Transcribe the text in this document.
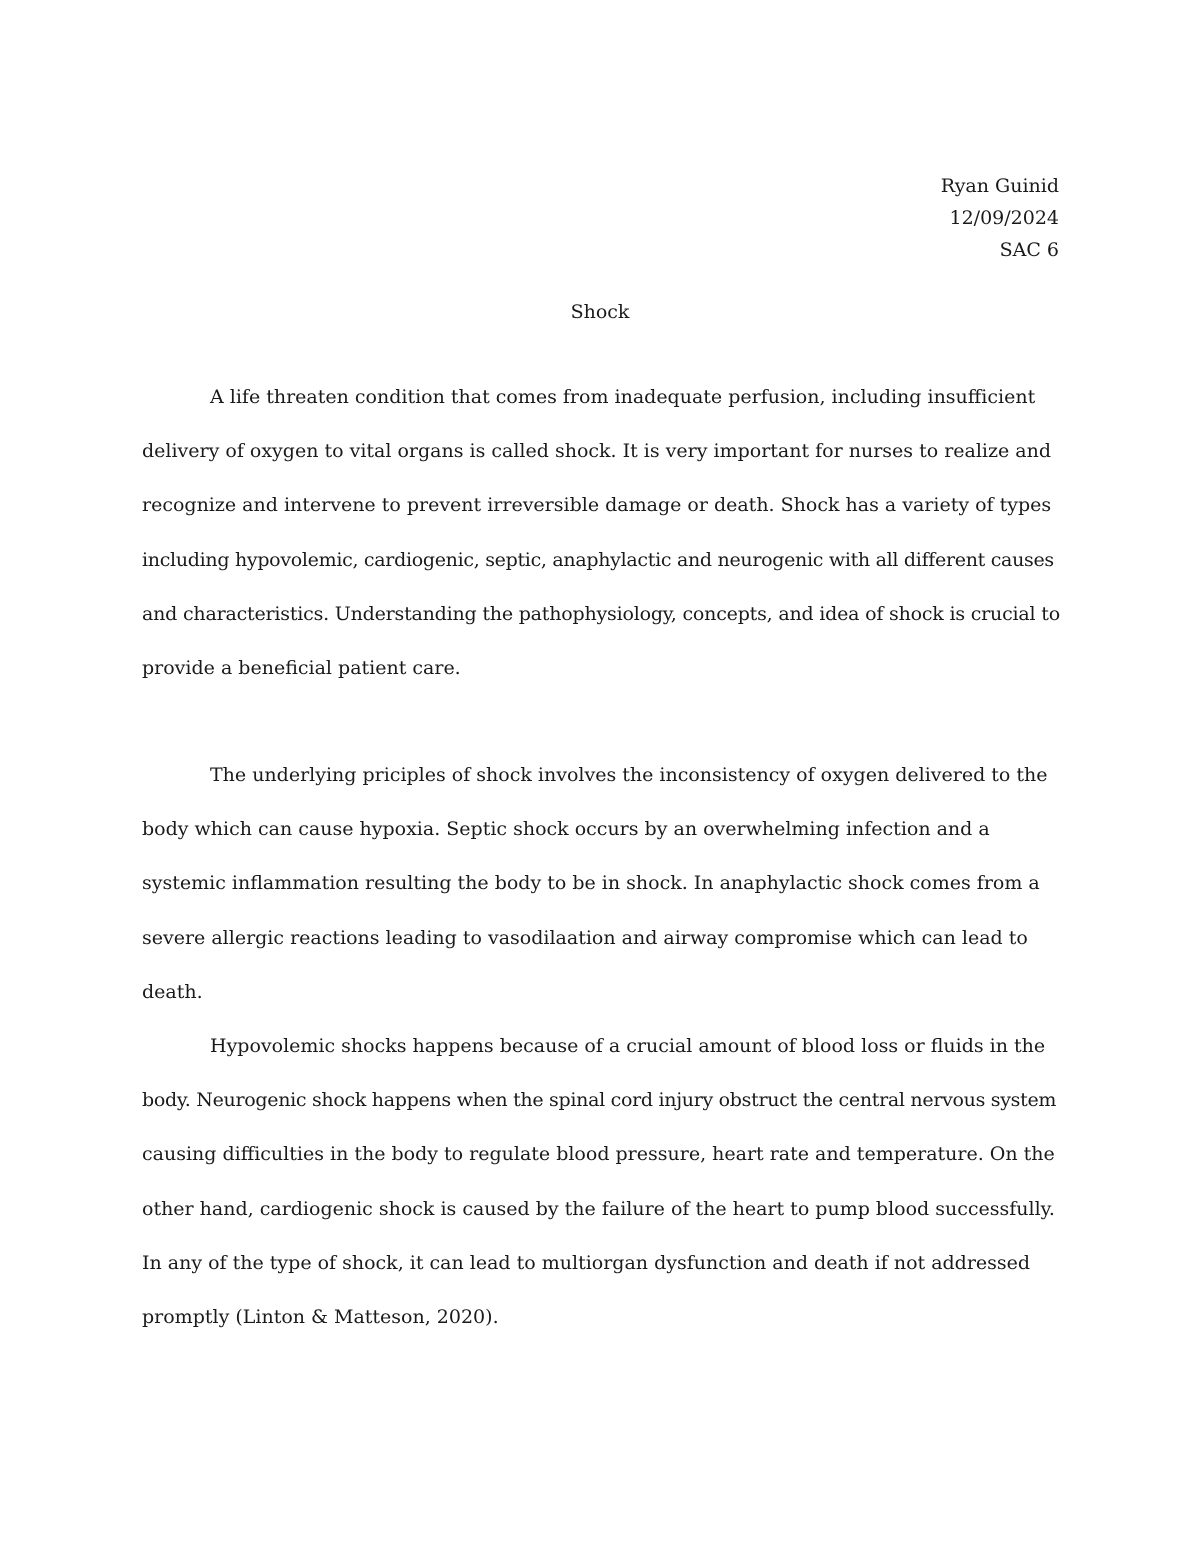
Ryan Guinid
12/09/2024
SAC 6
Shock
A life threaten condition that comes from inadequate perfusion, including insufficient
delivery of oxygen to vital organs is called shock. It is very important for nurses to realize and
recognize and intervene to prevent irreversible damage or death. Shock has a variety of types
including hypovolemic, cardiogenic, septic, anaphylactic and neurogenic with all different causes
and characteristics. Understanding the pathophysiology, concepts, and idea of shock is crucial to
provide a beneficial patient care.
The underlying priciples of shock involves the inconsistency of oxygen delivered to the
body which can cause hypoxia. Septic shock occurs by an overwhelming infection and a
systemic inflammation resulting the body to be in shock. In anaphylactic shock comes from a
severe allergic reactions leading to vasodilaation and airway compromise which can lead to
death.
Hypovolemic shocks happens because of a crucial amount of blood loss or fluids in the
body. Neurogenic shock happens when the spinal cord injury obstruct the central nervous system
causing difficulties in the body to regulate blood pressure, heart rate and temperature. On the
other hand, cardiogenic shock is caused by the failure of the heart to pump blood successfully.
In any of the type of shock, it can lead to multiorgan dysfunction and death if not addressed
promptly (Linton & Matteson, 2020).
